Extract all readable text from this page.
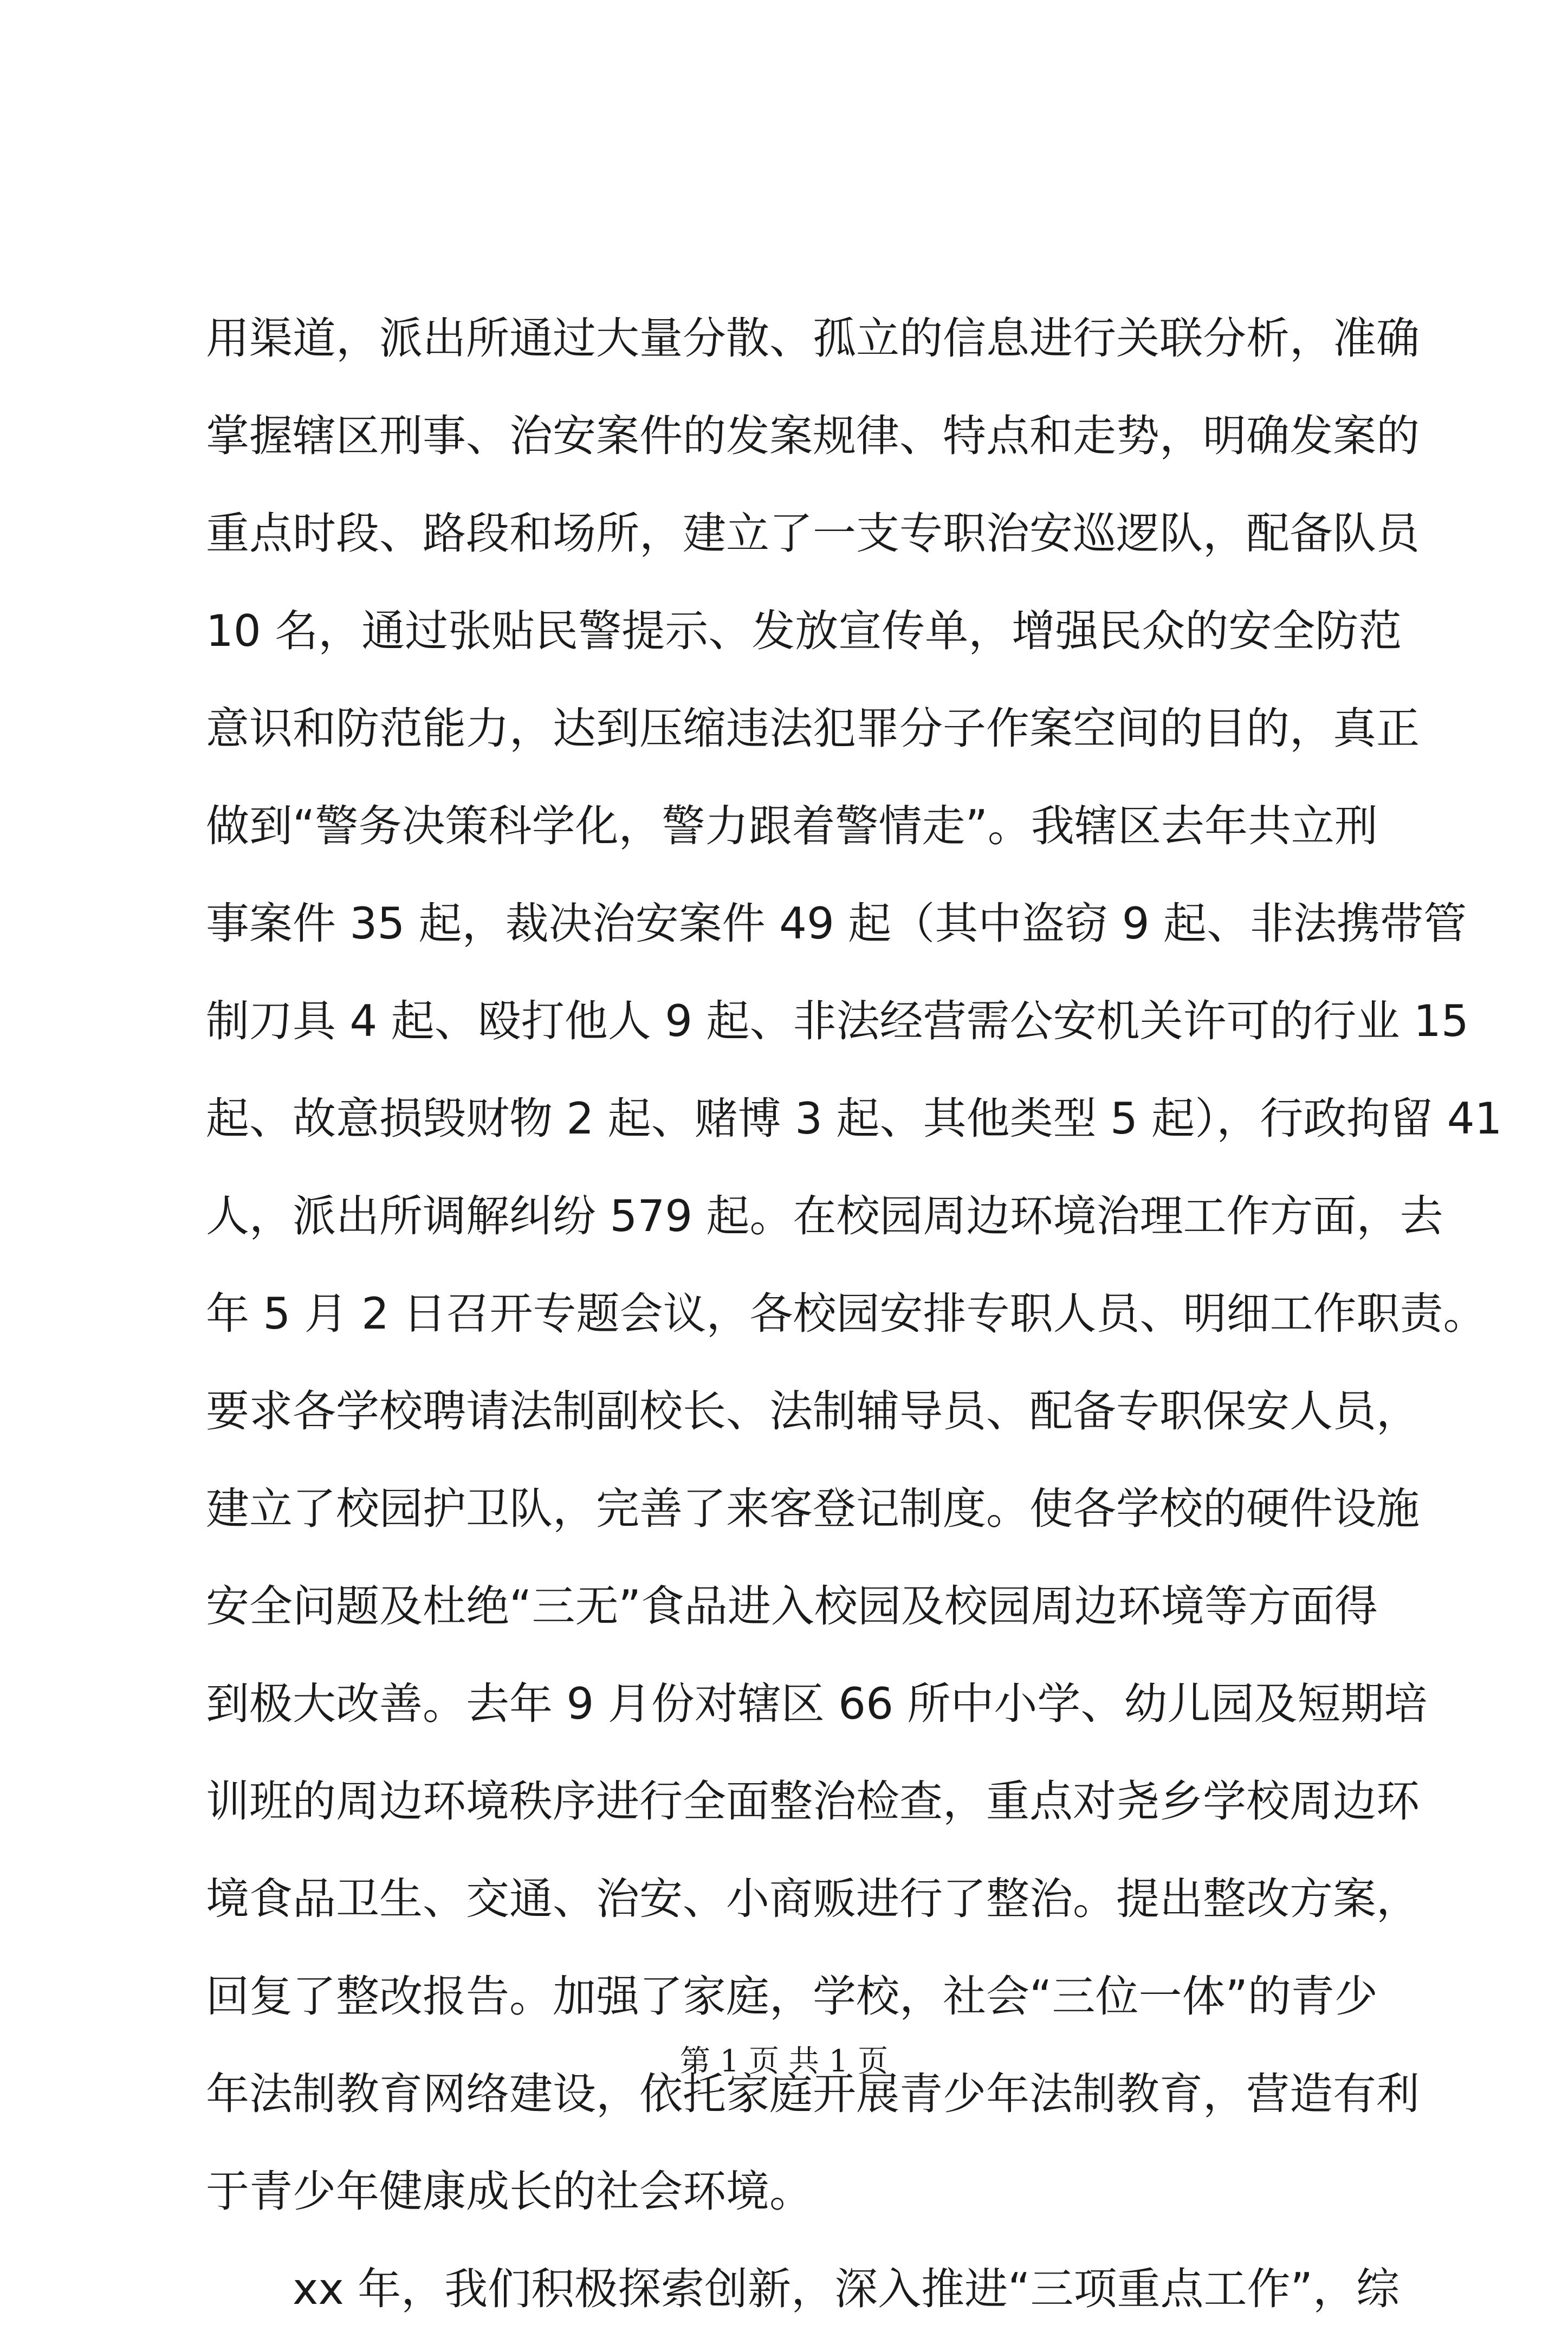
用渠道，派出所通过大量分散、孤立的信息进行关联分析，准确
掌握辖区刑事、治安案件的发案规律、特点和走势，明确发案的
重点时段、路段和场所，建立了一支专职治安巡逻队，配备队员
10 名，通过张贴民警提示、发放宣传单，增强民众的安全防范
意识和防范能力，达到压缩违法犯罪分子作案空间的目的，真正
做到“警务决策科学化，警力跟着警情走”。我辖区去年共立刑
事案件 35 起，裁决治安案件 49 起（其中盗窃 9 起、非法携带管
制刀具 4 起、殴打他人 9 起、非法经营需公安机关许可的行业 15
起、故意损毁财物 2 起、赌博 3 起、其他类型 5 起），行政拘留 41
人，派出所调解纠纷 579 起。在校园周边环境治理工作方面，去
年 5 月 2 日召开专题会议，各校园安排专职人员、明细工作职责。
要求各学校聘请法制副校长、法制辅导员、配备专职保安人员，
建立了校园护卫队，完善了来客登记制度。使各学校的硬件设施
安全问题及杜绝“三无”食品进入校园及校园周边环境等方面得
到极大改善。去年 9 月份对辖区 66 所中小学、幼儿园及短期培
训班的周边环境秩序进行全面整治检查，重点对尧乡学校周边环
境食品卫生、交通、治安、小商贩进行了整治。提出整改方案，
回复了整改报告。加强了家庭，学校，社会“三位一体”的青少
年法制教育网络建设，依托家庭开展青少年法制教育，营造有利
于青少年健康成长的社会环境。
xx 年，我们积极探索创新，深入推进“三项重点工作”，综
第 1 页 共 1 页
